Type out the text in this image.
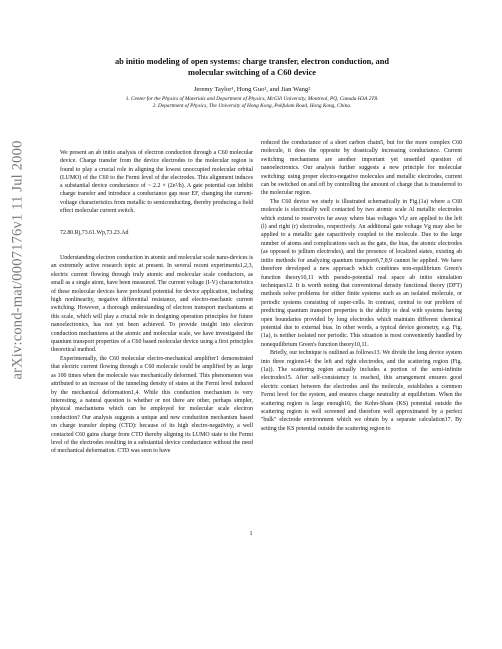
arXiv:cond-mat/0007176v1 11 Jul 2000
ab initio modeling of open systems: charge transfer, electron conduction, and
molecular switching of a C60 device
Jeremy Taylor¹, Hong Guo¹, and Jian Wang²
1. Center for the Physics of Materials and Department of Physics, McGill University, Montreal, PQ, Canada H3A 2T8.
2. Department of Physics, The University of Hong Kong, Pokfulam Road, Hong Kong, China.
We present an ab initio analysis of electron conduction through a C60 molecular device. Charge transfer from the device electrodes to the molecular region is found to play a crucial role in aligning the lowest unoccupied molecular orbital (LUMO) of the C60 to the Fermi level of the electrodes. This alignment induces a substantial device conductance of ~ 2.2 × (2e²/h). A gate potential can inhibit charge transfer and introduce a conductance gap near EF, changing the current-voltage characteristics from metallic to semiconducting, thereby producing a field effect molecular current switch.
72.80.Rj,73.61.Wp,73.23.Ad

Understanding electron conduction in atomic and molecular scale nano-devices is an extremely active research topic at present. In several recent experiments1,2,3, electric current flowing through truly atomic and molecular scale conductors, as small as a single atom, have been measured. The current voltage (I-V) characteristics of these molecular devices have profound potential for device application, including high nonlinearity, negative differential resistance, and electro-mechanic current switching. However, a thorough understanding of electron transport mechanisms at this scale, which will play a crucial role in designing operation principles for future nanoelectronics, has not yet been achieved. To provide insight into electron conduction mechanisms at the atomic and molecular scale, we have investigated the quantum transport properties of a C60 based molecular device using a first principles theoretical method.

Experimentally, the C60 molecular electro-mechanical amplifier1 demonstrated that electric current flowing through a C60 molecule could be amplified by as large as 100 times when the molecule was mechanically deformed. This phenomenon was attributed to an increase of the tunneling density of states at the Fermi level induced by the mechanical deformation1,4. While this conduction mechanism is very interesting, a natural question is whether or not there are other, perhaps simpler, physical mechanisms which can be employed for molecular scale electron conduction? Our analysis suggests a unique and new conduction mechanism based on charge transfer doping (CTD): because of its high electro-negativity, a well contacted C60 gains charge from CTD thereby aligning its LUMO state to the Fermi level of the electrodes resulting in a substantial device conductance without the need of mechanical deformation. CTD was seen to have

reduced the conductance of a short carbon chain5, but for the more complex C60 molecule, it does the opposite by drastically increasing conductance. Current switching mechanisms are another important yet unsettled question of nanoelectronics. Our analysis further suggests a new principle for molecular switching: using proper electro-negative molecules and metallic electrodes, current can be switched on and off by controlling the amount of charge that is transferred to the molecular region.

The C60 device we study is illustrated schematically in Fig.(1a) where a C60 molecule is electrically well contacted by two atomic scale Al metallic electrodes which extend to reservoirs far away where bias voltages Vl,r are applied to the left (l) and right (r) electrodes, respectively. An additional gate voltage Vg may also be applied to a metallic gate capacitively coupled to the molecule. Due to the large number of atoms and complications such as the gate, the bias, the atomic electrodes (as opposed to jellium electrodes), and the presence of localized states, existing ab initio methods for analyzing quantum transport6,7,8,9 cannot be applied. We have therefore developed a new approach which combines non-equilibrium Green's function theory10,11 with pseudo-potential real space ab initio simulation techniques12. It is worth noting that conventional density functional theory (DFT) methods solve problems for either finite systems such as an isolated molecule, or periodic systems consisting of super-cells. In contrast, central to our problem of predicting quantum transport properties is the ability to deal with systems having open boundaries provided by long electrodes which maintain different chemical potential due to external bias. In other words, a typical device geometry, e.g. Fig.(1a), is neither isolated nor periodic. This situation is most conveniently handled by nonequilibrium Green's function theory10,11.

Briefly, our technique is outlined as follows13. We divide the long device system into three regions14: the left and right electrodes, and the scattering region (Fig.(1a)). The scattering region actually includes a portion of the semi-infinite electrodes15. After self-consistency is reached, this arrangement ensures good electric contact between the electrodes and the molecule, establishes a common Fermi level for the system, and ensures charge neutrality at equilibrium. When the scattering region is large enough16, the Kohn-Sham (KS) potential outside the scattering region is well screened and therefore well approximated by a perfect "bulk" electrode environment which we obtain by a separate calculation17. By setting the KS potential outside the scattering region to

1
